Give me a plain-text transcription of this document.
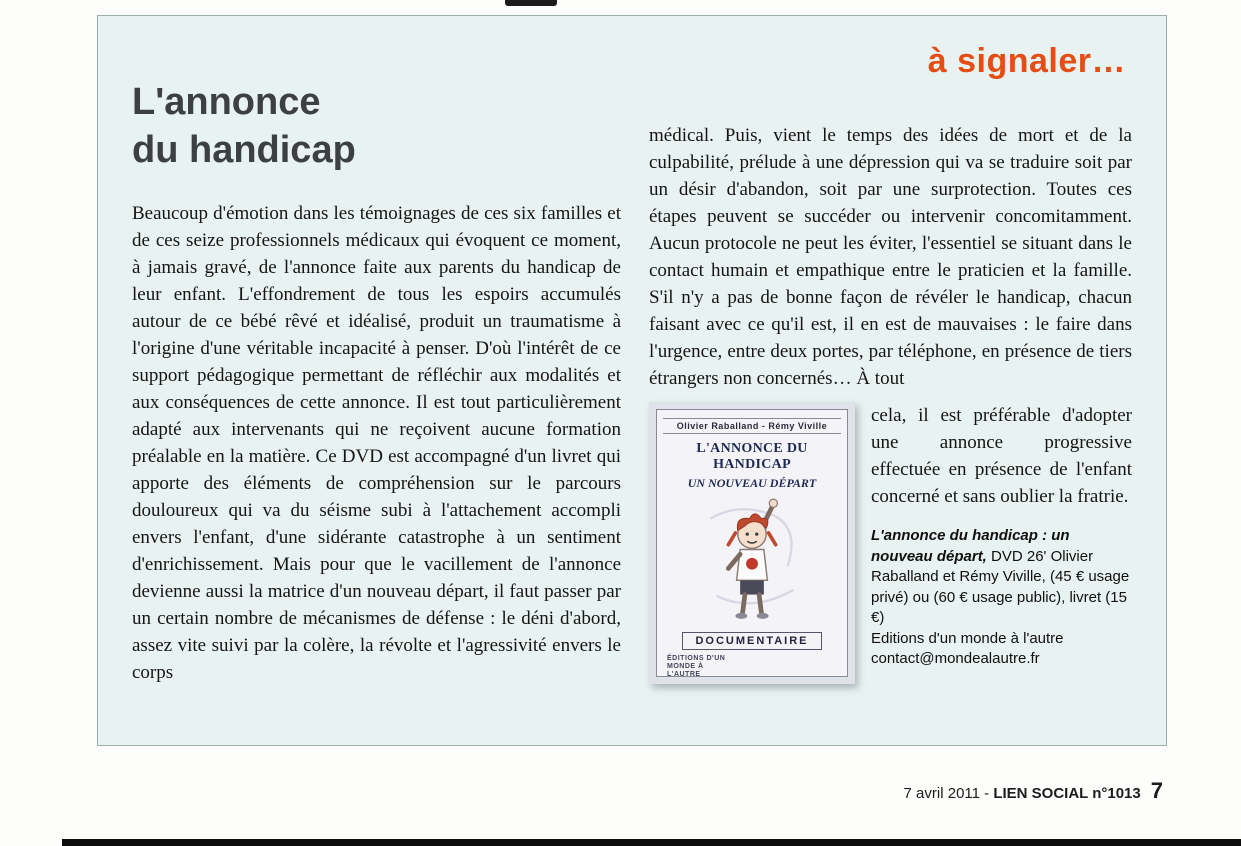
à signaler…
L'annonce
du handicap
Beaucoup d'émotion dans les témoignages de ces six familles et de ces seize professionnels médicaux qui évoquent ce moment, à jamais gravé, de l'annonce faite aux parents du handicap de leur enfant. L'effondrement de tous les espoirs accumulés autour de ce bébé rêvé et idéalisé, produit un traumatisme à l'origine d'une véritable incapacité à penser. D'où l'intérêt de ce support pédagogique permettant de réfléchir aux modalités et aux conséquences de cette annonce. Il est tout particulièrement adapté aux intervenants qui ne reçoivent aucune formation préalable en la matière. Ce DVD est accompagné d'un livret qui apporte des éléments de compréhension sur le parcours douloureux qui va du séisme subi à l'attachement accompli envers l'enfant, d'une sidérante catastrophe à un sentiment d'enrichissement. Mais pour que le vacillement de l'annonce devienne aussi la matrice d'un nouveau départ, il faut passer par un certain nombre de mécanismes de défense : le déni d'abord, assez vite suivi par la colère, la révolte et l'agressivité envers le corps
médical. Puis, vient le temps des idées de mort et de la culpabilité, prélude à une dépression qui va se traduire soit par un désir d'abandon, soit par une surprotection. Toutes ces étapes peuvent se succéder ou intervenir concomitamment. Aucun protocole ne peut les éviter, l'essentiel se situant dans le contact humain et empathique entre le praticien et la famille. S'il n'y a pas de bonne façon de révéler le handicap, chacun faisant avec ce qu'il est, il en est de mauvaises : le faire dans l'urgence, entre deux portes, par téléphone, en présence de tiers étrangers non concernés… À tout
Olivier Raballand - Rémy Viville
L'ANNONCE DU HANDICAP
UN NOUVEAU DÉPART
DOCUMENTAIRE
ÉDITIONS D'UN MONDE À L'AUTRE
cela, il est préférable d'adopter une annonce progressive effectuée en présence de l'enfant concerné et sans oublier la fratrie.
L'annonce du handicap : un nouveau départ, DVD 26' Olivier Raballand et Rémy Viville, (45 € usage privé) ou (60 € usage public), livret (15 €)
Editions d'un monde à l'autre
contact@mondealautre.fr
7 avril 2011 - LIEN SOCIAL n°1013 7
